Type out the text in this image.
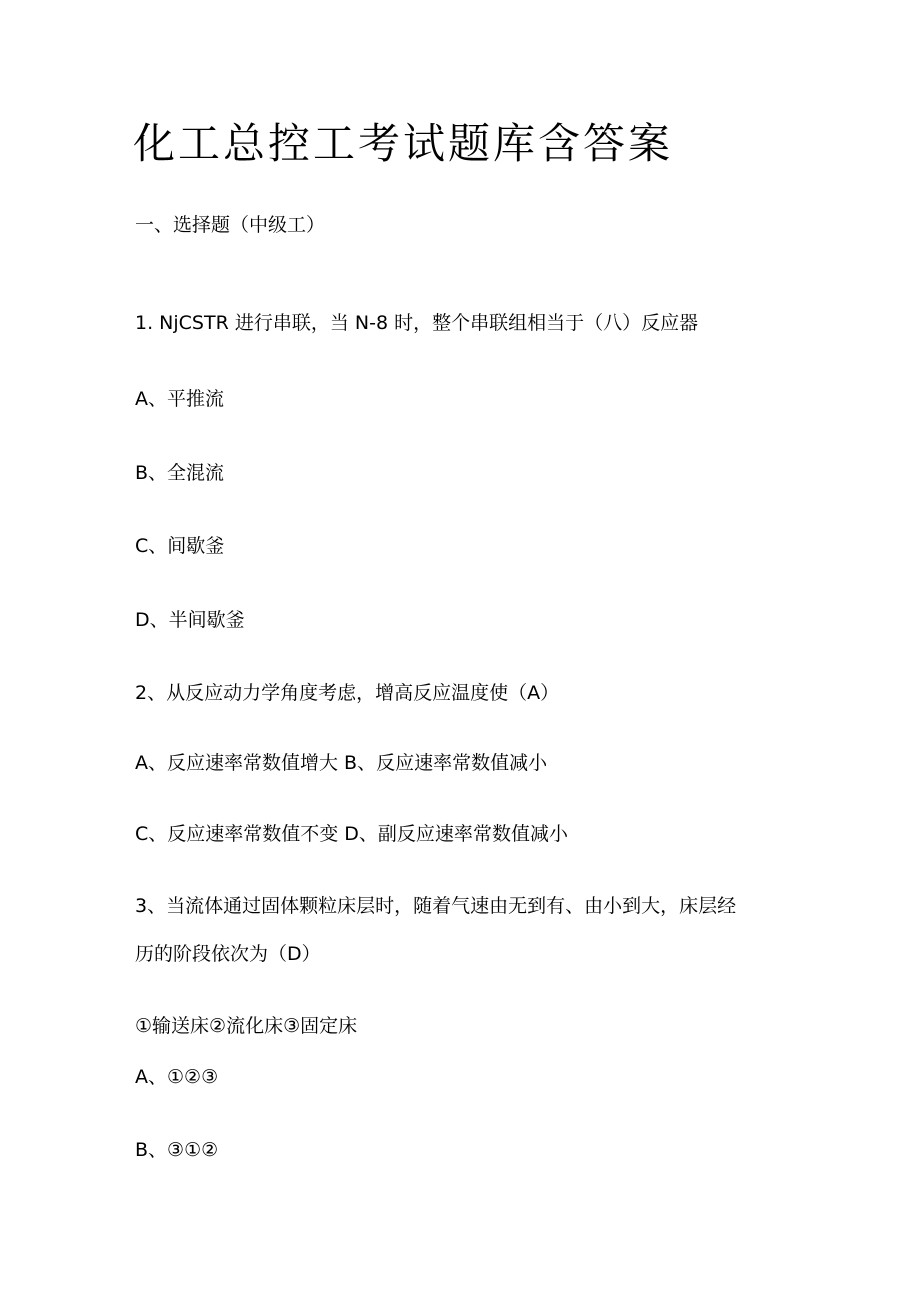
化工总控工考试题库含答案

一、选择题（中级工）

1. NjCSTR 进行串联，当 N-8 时，整个串联组相当于（八）反应器

A、平推流

B、全混流

C、间歇釜

D、半间歇釜

2、从反应动力学角度考虑，增高反应温度使（A）

A、反应速率常数值增大 B、反应速率常数值减小

C、反应速率常数值不变 D、副反应速率常数值减小

3、当流体通过固体颗粒床层时，随着气速由无到有、由小到大，床层经

历的阶段依次为（D）

①输送床②流化床③固定床

A、①②③

B、③①②
